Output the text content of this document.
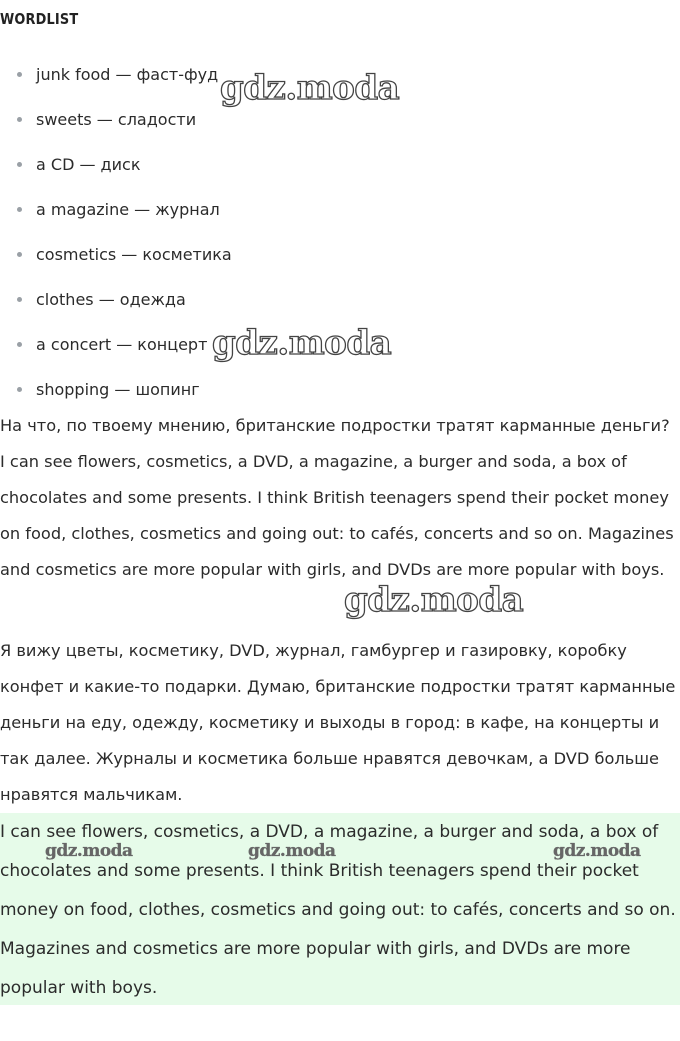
WORDLIST
junk food — фаст-фуд
sweets — сладости
a CD — диск
a magazine — журнал
cosmetics — косметика
clothes — одежда
a concert — концерт
shopping — шопинг

На что, по твоему мнению, британские подростки тратят карманные деньги?

I can see flowers, cosmetics, a DVD, a magazine, a burger and soda, a box of chocolates and some presents. I think British teenagers spend their pocket money on food, clothes, cosmetics and going out: to cafés, concerts and so on. Magazines and cosmetics are more popular with girls, and DVDs are more popular with boys.

Я вижу цветы, косметику, DVD, журнал, гамбургер и газировку, коробку конфет и какие-то подарки. Думаю, британские подростки тратят карманные деньги на еду, одежду, косметику и выходы в город: в кафе, на концерты и так далее. Журналы и косметика больше нравятся девочкам, а DVD больше нравятся мальчикам.

I can see flowers, cosmetics, a DVD, a magazine, a burger and soda, a box of chocolates and some presents. I think British teenagers spend their pocket money on food, clothes, cosmetics and going out: to cafés, concerts and so on. Magazines and cosmetics are more popular with girls, and DVDs are more popular with boys.

gdz.moda	gdz.moda	gdz.moda
gdz.moda
gdz.moda
gdz.moda
